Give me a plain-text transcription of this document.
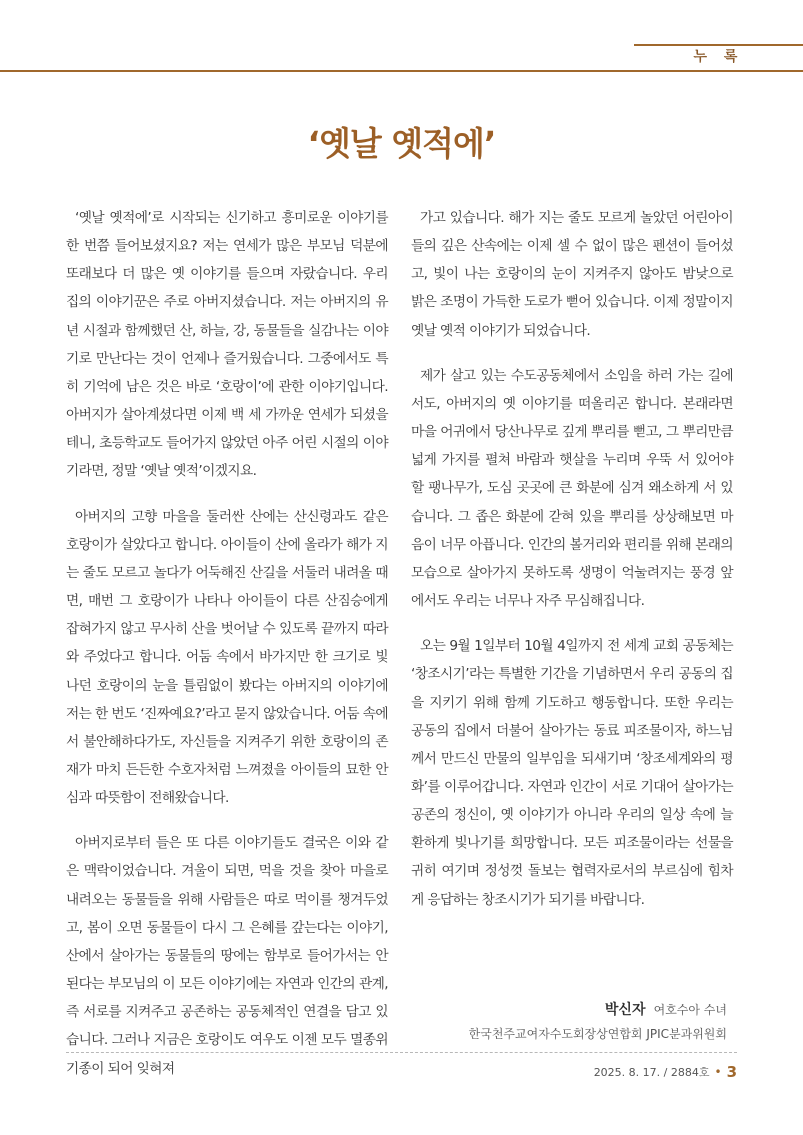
누 록
‘옛날 옛적에’

‘옛날 옛적에’로 시작되는 신기하고 흥미로운 이야기를 한 번쯤 들어보셨지요? 저는 연세가 많은 부모님 덕분에 또래보다 더 많은 옛 이야기를 들으며 자랐습니다. 우리 집의 이야기꾼은 주로 아버지셨습니다. 저는 아버지의 유년 시절과 함께했던 산, 하늘, 강, 동물들을 실감나는 이야기로 만난다는 것이 언제나 즐거웠습니다. 그중에서도 특히 기억에 남은 것은 바로 ‘호랑이’에 관한 이야기입니다. 아버지가 살아계셨다면 이제 백 세 가까운 연세가 되셨을 테니, 초등학교도 들어가지 않았던 아주 어린 시절의 이야기라면, 정말 ‘옛날 옛적’이겠지요.

아버지의 고향 마을을 둘러싼 산에는 산신령과도 같은 호랑이가 살았다고 합니다. 아이들이 산에 올라가 해가 지는 줄도 모르고 놀다가 어둑해진 산길을 서둘러 내려올 때면, 매번 그 호랑이가 나타나 아이들이 다른 산짐승에게 잡혀가지 않고 무사히 산을 벗어날 수 있도록 끝까지 따라와 주었다고 합니다. 어둠 속에서 바가지만 한 크기로 빛나던 호랑이의 눈을 틀림없이 봤다는 아버지의 이야기에 저는 한 번도 ‘진짜예요?’라고 묻지 않았습니다. 어둠 속에서 불안해하다가도, 자신들을 지켜주기 위한 호랑이의 존재가 마치 든든한 수호자처럼 느껴졌을 아이들의 묘한 안심과 따뜻함이 전해왔습니다.

아버지로부터 들은 또 다른 이야기들도 결국은 이와 같은 맥락이었습니다. 겨울이 되면, 먹을 것을 찾아 마을로 내려오는 동물들을 위해 사람들은 따로 먹이를 챙겨두었고, 봄이 오면 동물들이 다시 그 은혜를 갚는다는 이야기, 산에서 살아가는 동물들의 땅에는 함부로 들어가서는 안 된다는 부모님의 이 모든 이야기에는 자연과 인간의 관계, 즉 서로를 지켜주고 공존하는 공동체적인 연결을 담고 있습니다. 그러나 지금은 호랑이도 여우도 이젠 모두 멸종위기종이 되어 잊혀져

가고 있습니다. 해가 지는 줄도 모르게 놀았던 어린아이들의 깊은 산속에는 이제 셀 수 없이 많은 펜션이 들어섰고, 빛이 나는 호랑이의 눈이 지켜주지 않아도 밤낮으로 밝은 조명이 가득한 도로가 뻗어 있습니다. 이제 정말이지 옛날 옛적 이야기가 되었습니다.

제가 살고 있는 수도공동체에서 소임을 하러 가는 길에서도, 아버지의 옛 이야기를 떠올리곤 합니다. 본래라면 마을 어귀에서 당산나무로 깊게 뿌리를 뻗고, 그 뿌리만큼 넓게 가지를 펼쳐 바람과 햇살을 누리며 우뚝 서 있어야 할 팽나무가, 도심 곳곳에 큰 화분에 심겨 왜소하게 서 있습니다. 그 좁은 화분에 갇혀 있을 뿌리를 상상해보면 마음이 너무 아픕니다. 인간의 볼거리와 편리를 위해 본래의 모습으로 살아가지 못하도록 생명이 억눌려지는 풍경 앞에서도 우리는 너무나 자주 무심해집니다.

오는 9월 1일부터 10월 4일까지 전 세계 교회 공동체는 ‘창조시기’라는 특별한 기간을 기념하면서 우리 공동의 집을 지키기 위해 함께 기도하고 행동합니다. 또한 우리는 공동의 집에서 더불어 살아가는 동료 피조물이자, 하느님께서 만드신 만물의 일부임을 되새기며 ‘창조세계와의 평화’를 이루어갑니다. 자연과 인간이 서로 기대어 살아가는 공존의 정신이, 옛 이야기가 아니라 우리의 일상 속에 늘 환하게 빛나기를 희망합니다. 모든 피조물이라는 선물을 귀히 여기며 정성껏 돌보는 협력자로서의 부르심에 힘차게 응답하는 창조시기가 되기를 바랍니다.

박신자 여호수아 수녀
한국천주교여자수도회장상연합회 JPIC분과위원회
2025. 8. 17. / 2884호 • 3
